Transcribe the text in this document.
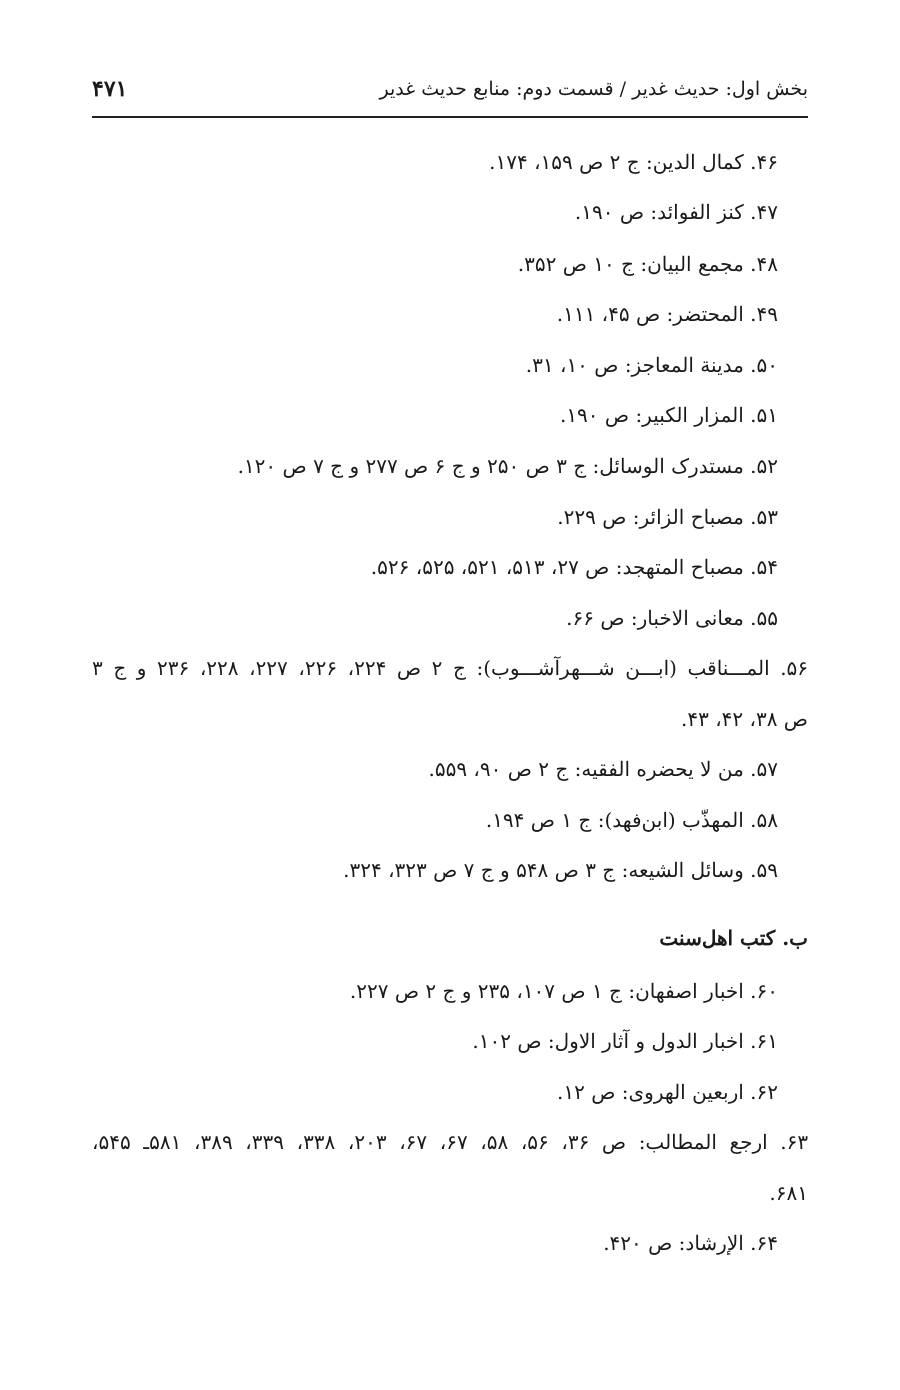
۴۷۱	بخش اول: حدیث غدیر / قسمت دوم: منابع حدیث غدیر
۴۶. کمال الدین: ج ۲ ص ۱۵۹، ۱۷۴.
۴۷. کنز الفوائد: ص ۱۹۰.
۴۸. مجمع البیان: ج ۱۰ ص ۳۵۲.
۴۹. المحتضر: ص ۴۵، ۱۱۱.
۵۰. مدینة المعاجز: ص ۱۰، ۳۱.
۵۱. المزار الکبیر: ص ۱۹۰.
۵۲. مستدرک الوسائل: ج ۳ ص ۲۵۰ و ج ۶ ص ۲۷۷ و ج ۷ ص ۱۲۰.
۵۳. مصباح الزائر: ص ۲۲۹.
۵۴. مصباح المتهجد: ص ۲۷، ۵۱۳، ۵۲۱، ۵۲۵، ۵۲۶.
۵۵. معانی الاخبار: ص ۶۶.
۵۶. المـــناقب (ابـــن شـــهرآشـــوب): ج ۲ ص ۲۲۴، ۲۲۶، ۲۲۷، ۲۲۸، ۲۳۶ و ج ۳
ص ۳۸، ۴۲، ۴۳.
۵۷. من لا یحضره الفقیه: ج ۲ ص ۹۰، ۵۵۹.
۵۸. المهذّب (ابن‌فهد): ج ۱ ص ۱۹۴.
۵۹. وسائل الشیعه: ج ۳ ص ۵۴۸ و ج ۷ ص ۳۲۳، ۳۲۴.
ب. کتب اهل‌سنت
۶۰. اخبار اصفهان: ج ۱ ص ۱۰۷، ۲۳۵ و ج ۲ ص ۲۲۷.
۶۱. اخبار الدول و آثار الاول: ص ۱۰۲.
۶۲. اربعین الهروی: ص ۱۲.
۶۳. ارجع المطالب: ص ۳۶، ۵۶، ۵۸، ۶۷، ۶۷، ۲۰۳، ۳۳۸، ۳۳۹، ۳۸۹، ۵۸۱ـ ۵۴۵،
۶۸۱.
۶۴. الإرشاد: ص ۴۲۰.
